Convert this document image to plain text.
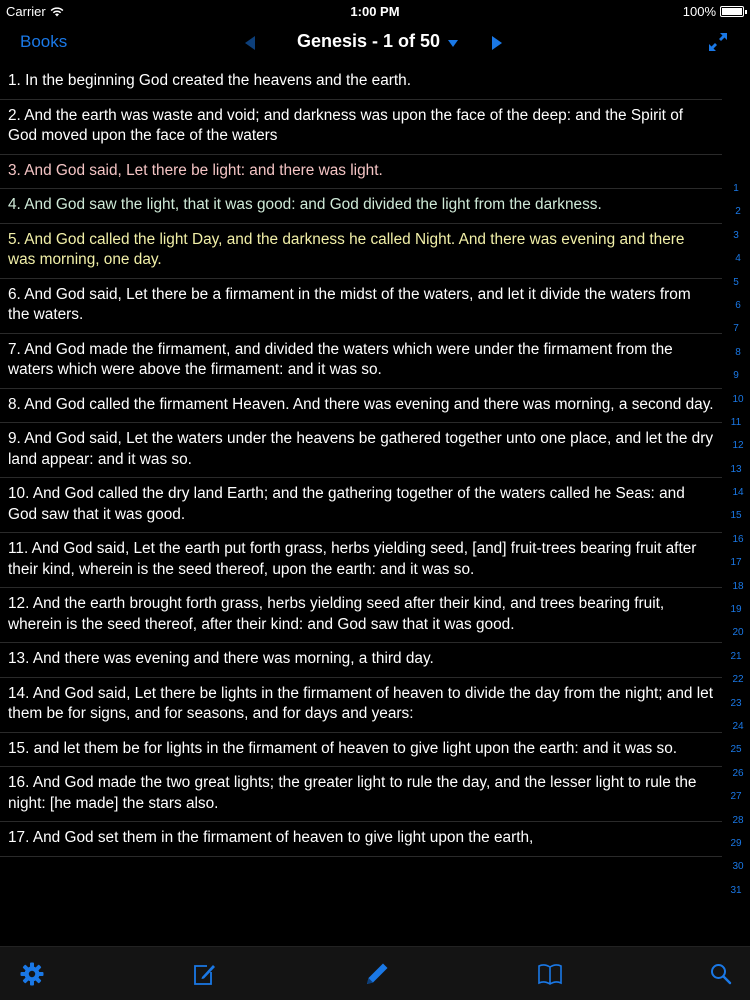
Carrier	1:00 PM	100%
Books	Genesis - 1 of 50
1. In the beginning God created the heavens and the earth.
2. And the earth was waste and void; and darkness was upon the face of the deep: and the Spirit of God moved upon the face of the waters
3. And God said, Let there be light: and there was light.
4. And God saw the light, that it was good: and God divided the light from the darkness.
5. And God called the light Day, and the darkness he called Night. And there was evening and there was morning, one day.
6. And God said, Let there be a firmament in the midst of the waters, and let it divide the waters from the waters.
7. And God made the firmament, and divided the waters which were under the firmament from the waters which were above the firmament: and it was so.
8. And God called the firmament Heaven. And there was evening and there was morning, a second day.
9. And God said, Let the waters under the heavens be gathered together unto one place, and let the dry land appear: and it was so.
10. And God called the dry land Earth; and the gathering together of the waters called he Seas: and God saw that it was good.
11. And God said, Let the earth put forth grass, herbs yielding seed, [and] fruit-trees bearing fruit after their kind, wherein is the seed thereof, upon the earth: and it was so.
12. And the earth brought forth grass, herbs yielding seed after their kind, and trees bearing fruit, wherein is the seed thereof, after their kind: and God saw that it was good.
13. And there was evening and there was morning, a third day.
14. And God said, Let there be lights in the firmament of heaven to divide the day from the night; and let them be for signs, and for seasons, and for days and years:
15. and let them be for lights in the firmament of heaven to give light upon the earth: and it was so.
16. And God made the two great lights; the greater light to rule the day, and the lesser light to rule the night: [he made] the stars also.
17. And God set them in the firmament of heaven to give light upon the earth,
1
2
3
4
5
6
7
8
9
10
11
12
13
14
15
16
17
18
19
20
21
22
23
24
25
26
27
28
29
30
31
